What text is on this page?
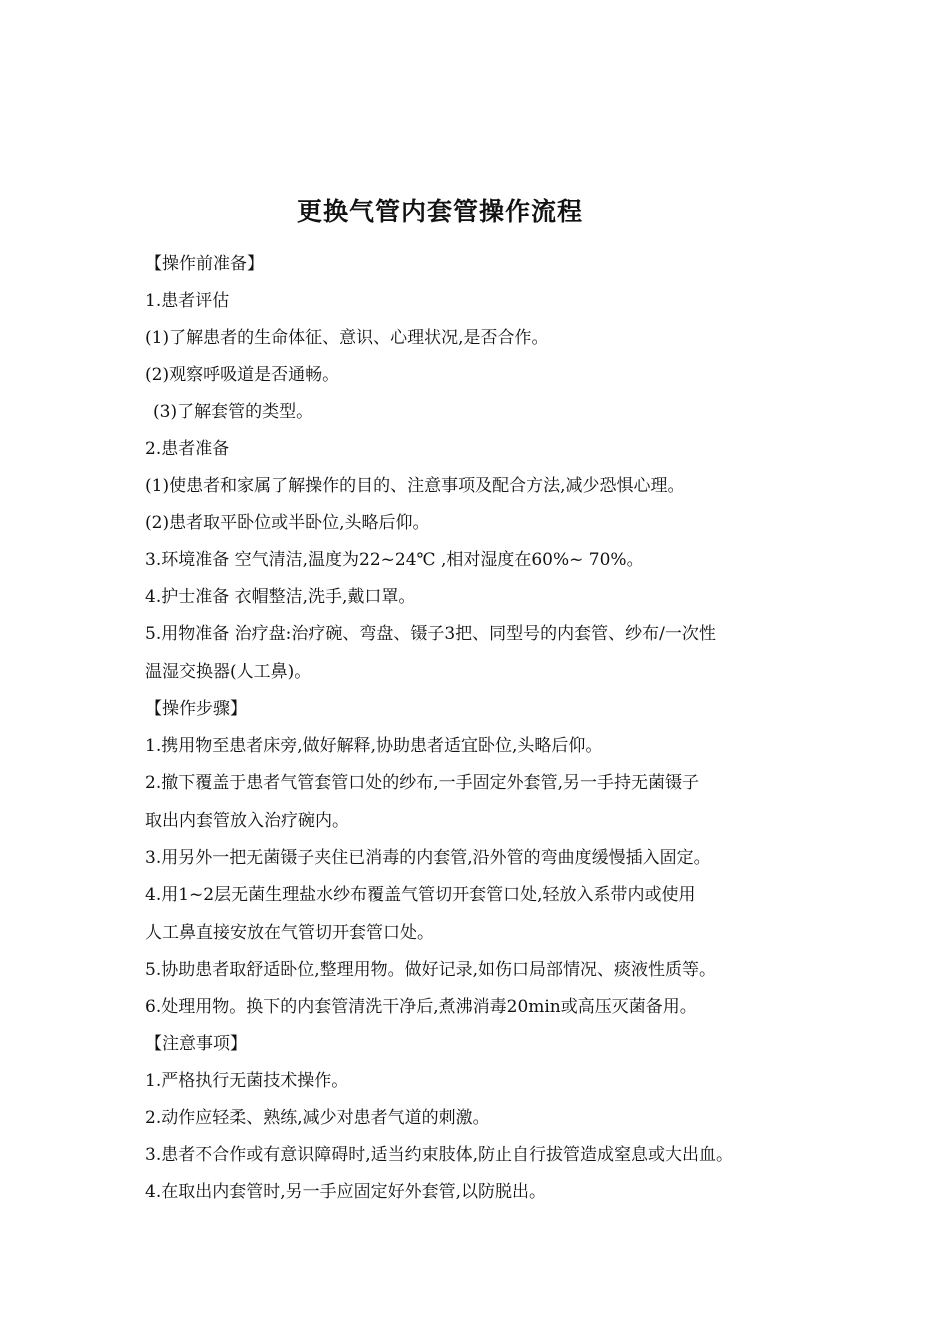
更换气管内套管操作流程
【操作前准备】
1.患者评估
(1)了解患者的生命体征、意识、心理状况,是否合作。
(2)观察呼吸道是否通畅。
(3)了解套管的类型。
2.患者准备
(1)使患者和家属了解操作的目的、注意事项及配合方法,减少恐惧心理。
(2)患者取平卧位或半卧位,头略后仰。
3.环境准备 空气清洁,温度为22~24℃ ,相对湿度在60%~ 70%。
4.护士准备 衣帽整洁,洗手,戴口罩。
5.用物准备 治疗盘:治疗碗、弯盘、镊子3把、同型号的内套管、纱布/一次性
温湿交换器(人工鼻)。
【操作步骤】
1.携用物至患者床旁,做好解释,协助患者适宜卧位,头略后仰。
2.撤下覆盖于患者气管套管口处的纱布,一手固定外套管,另一手持无菌镊子
取出内套管放入治疗碗内。
3.用另外一把无菌镊子夹住已消毒的内套管,沿外管的弯曲度缓慢插入固定。
4.用1~2层无菌生理盐水纱布覆盖气管切开套管口处,轻放入系带内或使用
人工鼻直接安放在气管切开套管口处。
5.协助患者取舒适卧位,整理用物。做好记录,如伤口局部情况、痰液性质等。
6.处理用物。换下的内套管清洗干净后,煮沸消毒20min或高压灭菌备用。
【注意事项】
1.严格执行无菌技术操作。
2.动作应轻柔、熟练,减少对患者气道的刺激。
3.患者不合作或有意识障碍时,适当约束肢体,防止自行拔管造成窒息或大出血。
4.在取出内套管时,另一手应固定好外套管,以防脱出。
